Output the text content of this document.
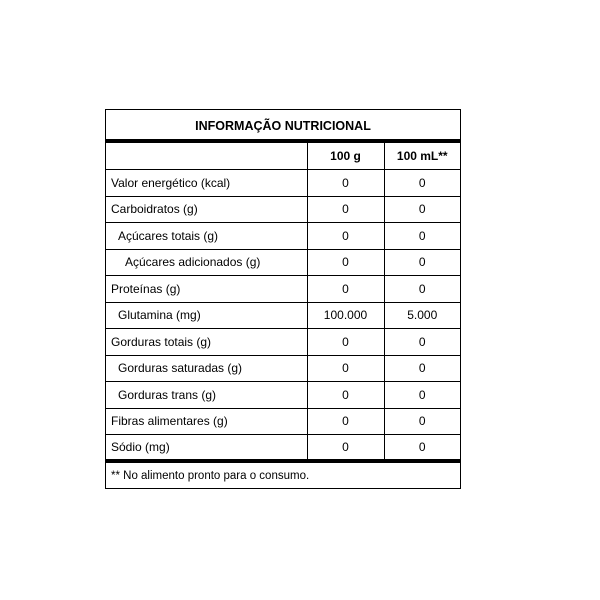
INFORMAÇÃO NUTRICIONAL
	100 g	100 mL**
Valor energético (kcal)	0	0
Carboidratos (g)	0	0
Açúcares totais (g)	0	0
Açúcares adicionados (g)	0	0
Proteínas (g)	0	0
Glutamina (mg)	100.000	5.000
Gorduras totais (g)	0	0
Gorduras saturadas (g)	0	0
Gorduras trans (g)	0	0
Fibras alimentares (g)	0	0
Sódio (mg)	0	0
** No alimento pronto para o consumo.
